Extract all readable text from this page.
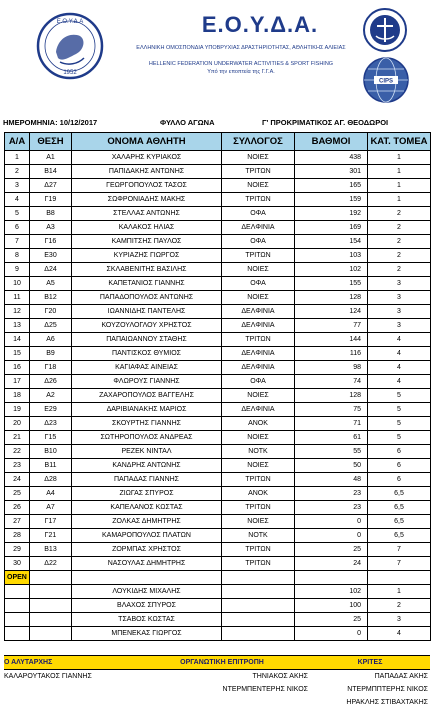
Ε.Ο.Υ.Δ.Α
1952
Ε.Ο.Υ.Δ.Α.
ΕΛΛΗΝΙΚΗ ΟΜΟΣΠΟΝΔΙΑ ΥΠΟΒΡΥΧΙΑΣ ΔΡΑΣΤΗΡΙΟΤΗΤΑΣ, ΑΘΛΗΤΙΚΗΣ ΑΛΙΕΙΑΣ
HELLENIC FEDERATION UNDERWATER ACTIVITIES & SPORT FISHING
Υπό την εποπτεία της Γ.Γ.Α.
CIPS
ΗΜΕΡΟΜΗΝΙΑ: 10/12/2017	ΦΥΛΛΟ ΑΓΩΝΑ	Γ' ΠΡΟΚΡΙΜΑΤΙΚΟΣ ΑΓ. ΘΕΟΔΩΡΟΙ
Α/Α	ΘΕΣΗ	ΟΝΟΜΑ ΑΘΛΗΤΗ	ΣΥΛΛΟΓΟΣ	ΒΑΘΜΟΙ	ΚΑΤ. ΤΟΜΕΑ
1	Α1	ΧΑΛΑΡΗΣ ΚΥΡΙΑΚΟΣ	ΝΟΙΕΣ	438	1
2	Β14	ΠΑΠΙΔΑΚΗΣ ΑΝΤΩΝΗΣ	ΤΡΙΤΩΝ	301	1
3	Δ27	ΓΕΩΡΓΟΠΟΥΛΟΣ ΤΑΣΟΣ	ΝΟΙΕΣ	165	1
4	Γ19	ΣΩΦΡΟΝΙΑΔΗΣ ΜΑΚΗΣ	ΤΡΙΤΩΝ	159	1
5	Β8	ΣΤΕΛΛΑΣ ΑΝΤΩΝΗΣ	ΟΦΑ	192	2
6	Α3	ΚΑΛΑΚΟΣ ΗΛΙΑΣ	ΔΕΛΦΙΝΙΑ	169	2
7	Γ16	ΚΑΜΠΙΤΣΗΣ ΠΑΥΛΟΣ	ΟΦΑ	154	2
8	Ε30	ΚΥΡΙΑΖΗΣ ΓΙΩΡΓΟΣ	ΤΡΙΤΩΝ	103	2
9	Δ24	ΣΚΛΑΒΕΝΙΤΗΣ ΒΑΣΙΛΗΣ	ΝΟΙΕΣ	102	2
10	Α5	ΚΑΠΕΤΑΝΙΟΣ ΓΙΑΝΝΗΣ	ΟΦΑ	155	3
11	Β12	ΠΑΠΑΔΟΠΟΥΛΟΣ ΑΝΤΩΝΗΣ	ΝΟΙΕΣ	128	3
12	Γ20	ΙΩΑΝΝΙΔΗΣ ΠΑΝΤΕΛΗΣ	ΔΕΛΦΙΝΙΑ	124	3
13	Δ25	ΚΟΥΖΟΥΛΟΓΛΟΥ ΧΡΗΣΤΟΣ	ΔΕΛΦΙΝΙΑ	77	3
14	Α6	ΠΑΠΑΙΩΑΝΝΟΥ ΣΤΑΘΗΣ	ΤΡΙΤΩΝ	144	4
15	Β9	ΠΑΝΤΙΣΚΟΣ ΘΥΜΙΟΣ	ΔΕΛΦΙΝΙΑ	116	4
16	Γ18	ΚΑΓΙΑΦΑΣ ΑΙΝΕΙΑΣ	ΔΕΛΦΙΝΙΑ	98	4
17	Δ26	ΦΛΩΡΟΥΣ ΓΙΑΝΝΗΣ	ΟΦΑ	74	4
18	Α2	ΖΑΧΑΡΟΠΟΥΛΟΣ ΒΑΓΓΕΛΗΣ	ΝΟΙΕΣ	128	5
19	Ε29	ΔΑΡΙΒΙΑΝΑΚΗΣ ΜΑΡΙΟΣ	ΔΕΛΦΙΝΙΑ	75	5
20	Δ23	ΣΚΟΥΡΤΗΣ ΓΙΑΝΝΗΣ	ΑΝΟΚ	71	5
21	Γ15	ΣΩΤΗΡΟΠΟΥΛΟΣ ΑΝΔΡΕΑΣ	ΝΟΙΕΣ	61	5
22	Β10	ΡΕΖΕΚ ΝΙΝΤΑΛ	ΝΟΤΚ	55	6
23	Β11	ΚΑΝΔΡΗΣ ΑΝΤΩΝΗΣ	ΝΟΙΕΣ	50	6
24	Δ28	ΠΑΠΑΔΑΣ ΓΙΑΝΝΗΣ	ΤΡΙΤΩΝ	48	6
25	Α4	ΖΙΩΓΑΣ ΣΠΥΡΟΣ	ΑΝΟΚ	23	6,5
26	Α7	ΚΑΠΕΛΑΝΟΣ ΚΩΣΤΑΣ	ΤΡΙΤΩΝ	23	6,5
27	Γ17	ΖΟΛΚΑΣ ΔΗΜΗΤΡΗΣ	ΝΟΙΕΣ	0	6,5
28	Γ21	ΚΑΜΑΡΟΠΟΥΛΟΣ ΠΛΑΤΩΝ	ΝΟΤΚ	0	6,5
29	Β13	ΖΟΡΜΠΑΣ ΧΡΗΣΤΟΣ	ΤΡΙΤΩΝ	25	7
30	Δ22	ΝΑΣΟΥΛΑΣ ΔΗΜΗΤΡΗΣ	ΤΡΙΤΩΝ	24	7
OPEN					
		ΛΟΥΚΙΔΗΣ ΜΙΧΑΛΗΣ		102	1
		ΒΛΑΧΟΣ ΣΠΥΡΟΣ		100	2
		ΤΣΑΒΟΣ ΚΩΣΤΑΣ		25	3
		ΜΠΕΝΕΚΑΣ ΓΙΩΡΓΟΣ		0	4
Ο ΑΛΥΤΑΡΧΗΣ	ΟΡΓΑΝΩΤΙΚΗ ΕΠΙΤΡΟΠΗ	ΚΡΙΤΕΣ
ΚΑΛΑΡΟΥΤΑΚΟΣ ΓΙΑΝΝΗΣ	ΤΗΝΙΑΚΟΣ ΑΚΗΣ	ΠΑΠΑΔΑΣ ΑΚΗΣ
	ΝΤΕΡΜΠΕΝΤΕΡΗΣ ΝΙΚΟΣ	ΝΤΕΡΜΠΠΤΕΡΗΣ ΝΙΚΟΣ
		ΗΡΑΚΛΗΣ ΣΤΙΒΑΧΤΑΚΗΣ
